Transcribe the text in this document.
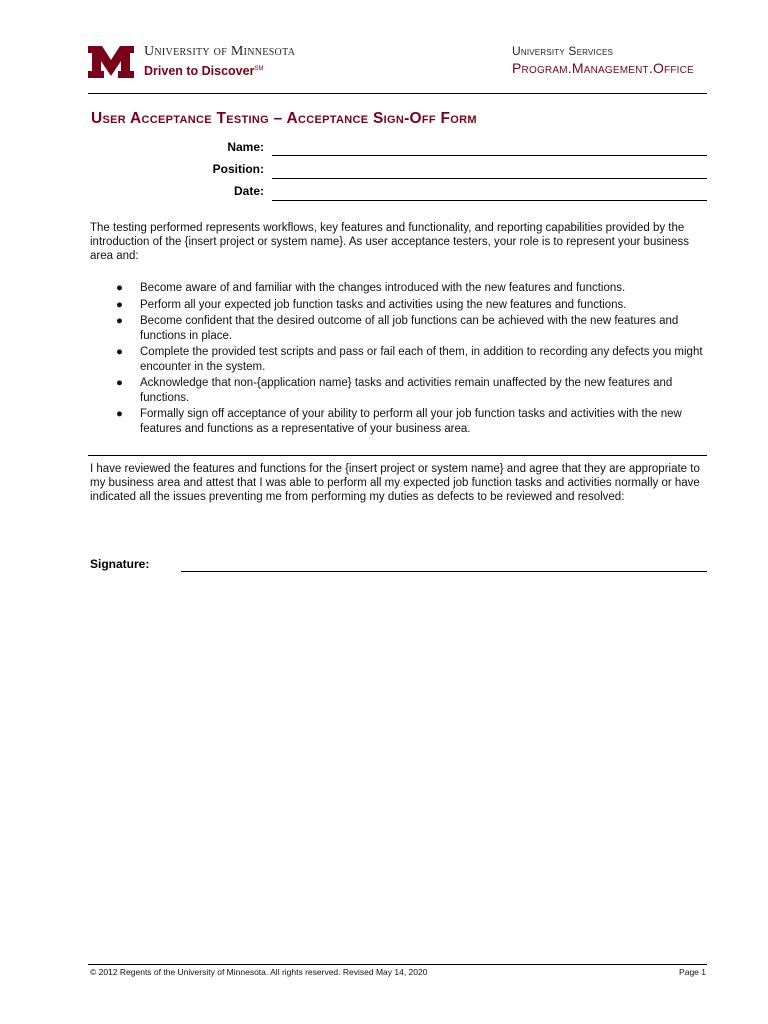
University of Minnesota
Driven to Discover℠
University Services
Program.Management.Office
User Acceptance Testing – Acceptance Sign-Off Form
Name:
Position:
Date:
The testing performed represents workflows, key features and functionality, and reporting capabilities provided by the introduction of the {insert project or system name}. As user acceptance testers, your role is to represent your business area and:
● Become aware of and familiar with the changes introduced with the new features and functions.
● Perform all your expected job function tasks and activities using the new features and functions.
● Become confident that the desired outcome of all job functions can be achieved with the new features and functions in place.
● Complete the provided test scripts and pass or fail each of them, in addition to recording any defects you might encounter in the system.
● Acknowledge that non-{application name} tasks and activities remain unaffected by the new features and functions.
● Formally sign off acceptance of your ability to perform all your job function tasks and activities with the new features and functions as a representative of your business area.
I have reviewed the features and functions for the {insert project or system name} and agree that they are appropriate to my business area and attest that I was able to perform all my expected job function tasks and activities normally or have indicated all the issues preventing me from performing my duties as defects to be reviewed and resolved:
Signature:
© 2012 Regents of the University of Minnesota. All rights reserved. Revised May 14, 2020	Page 1
